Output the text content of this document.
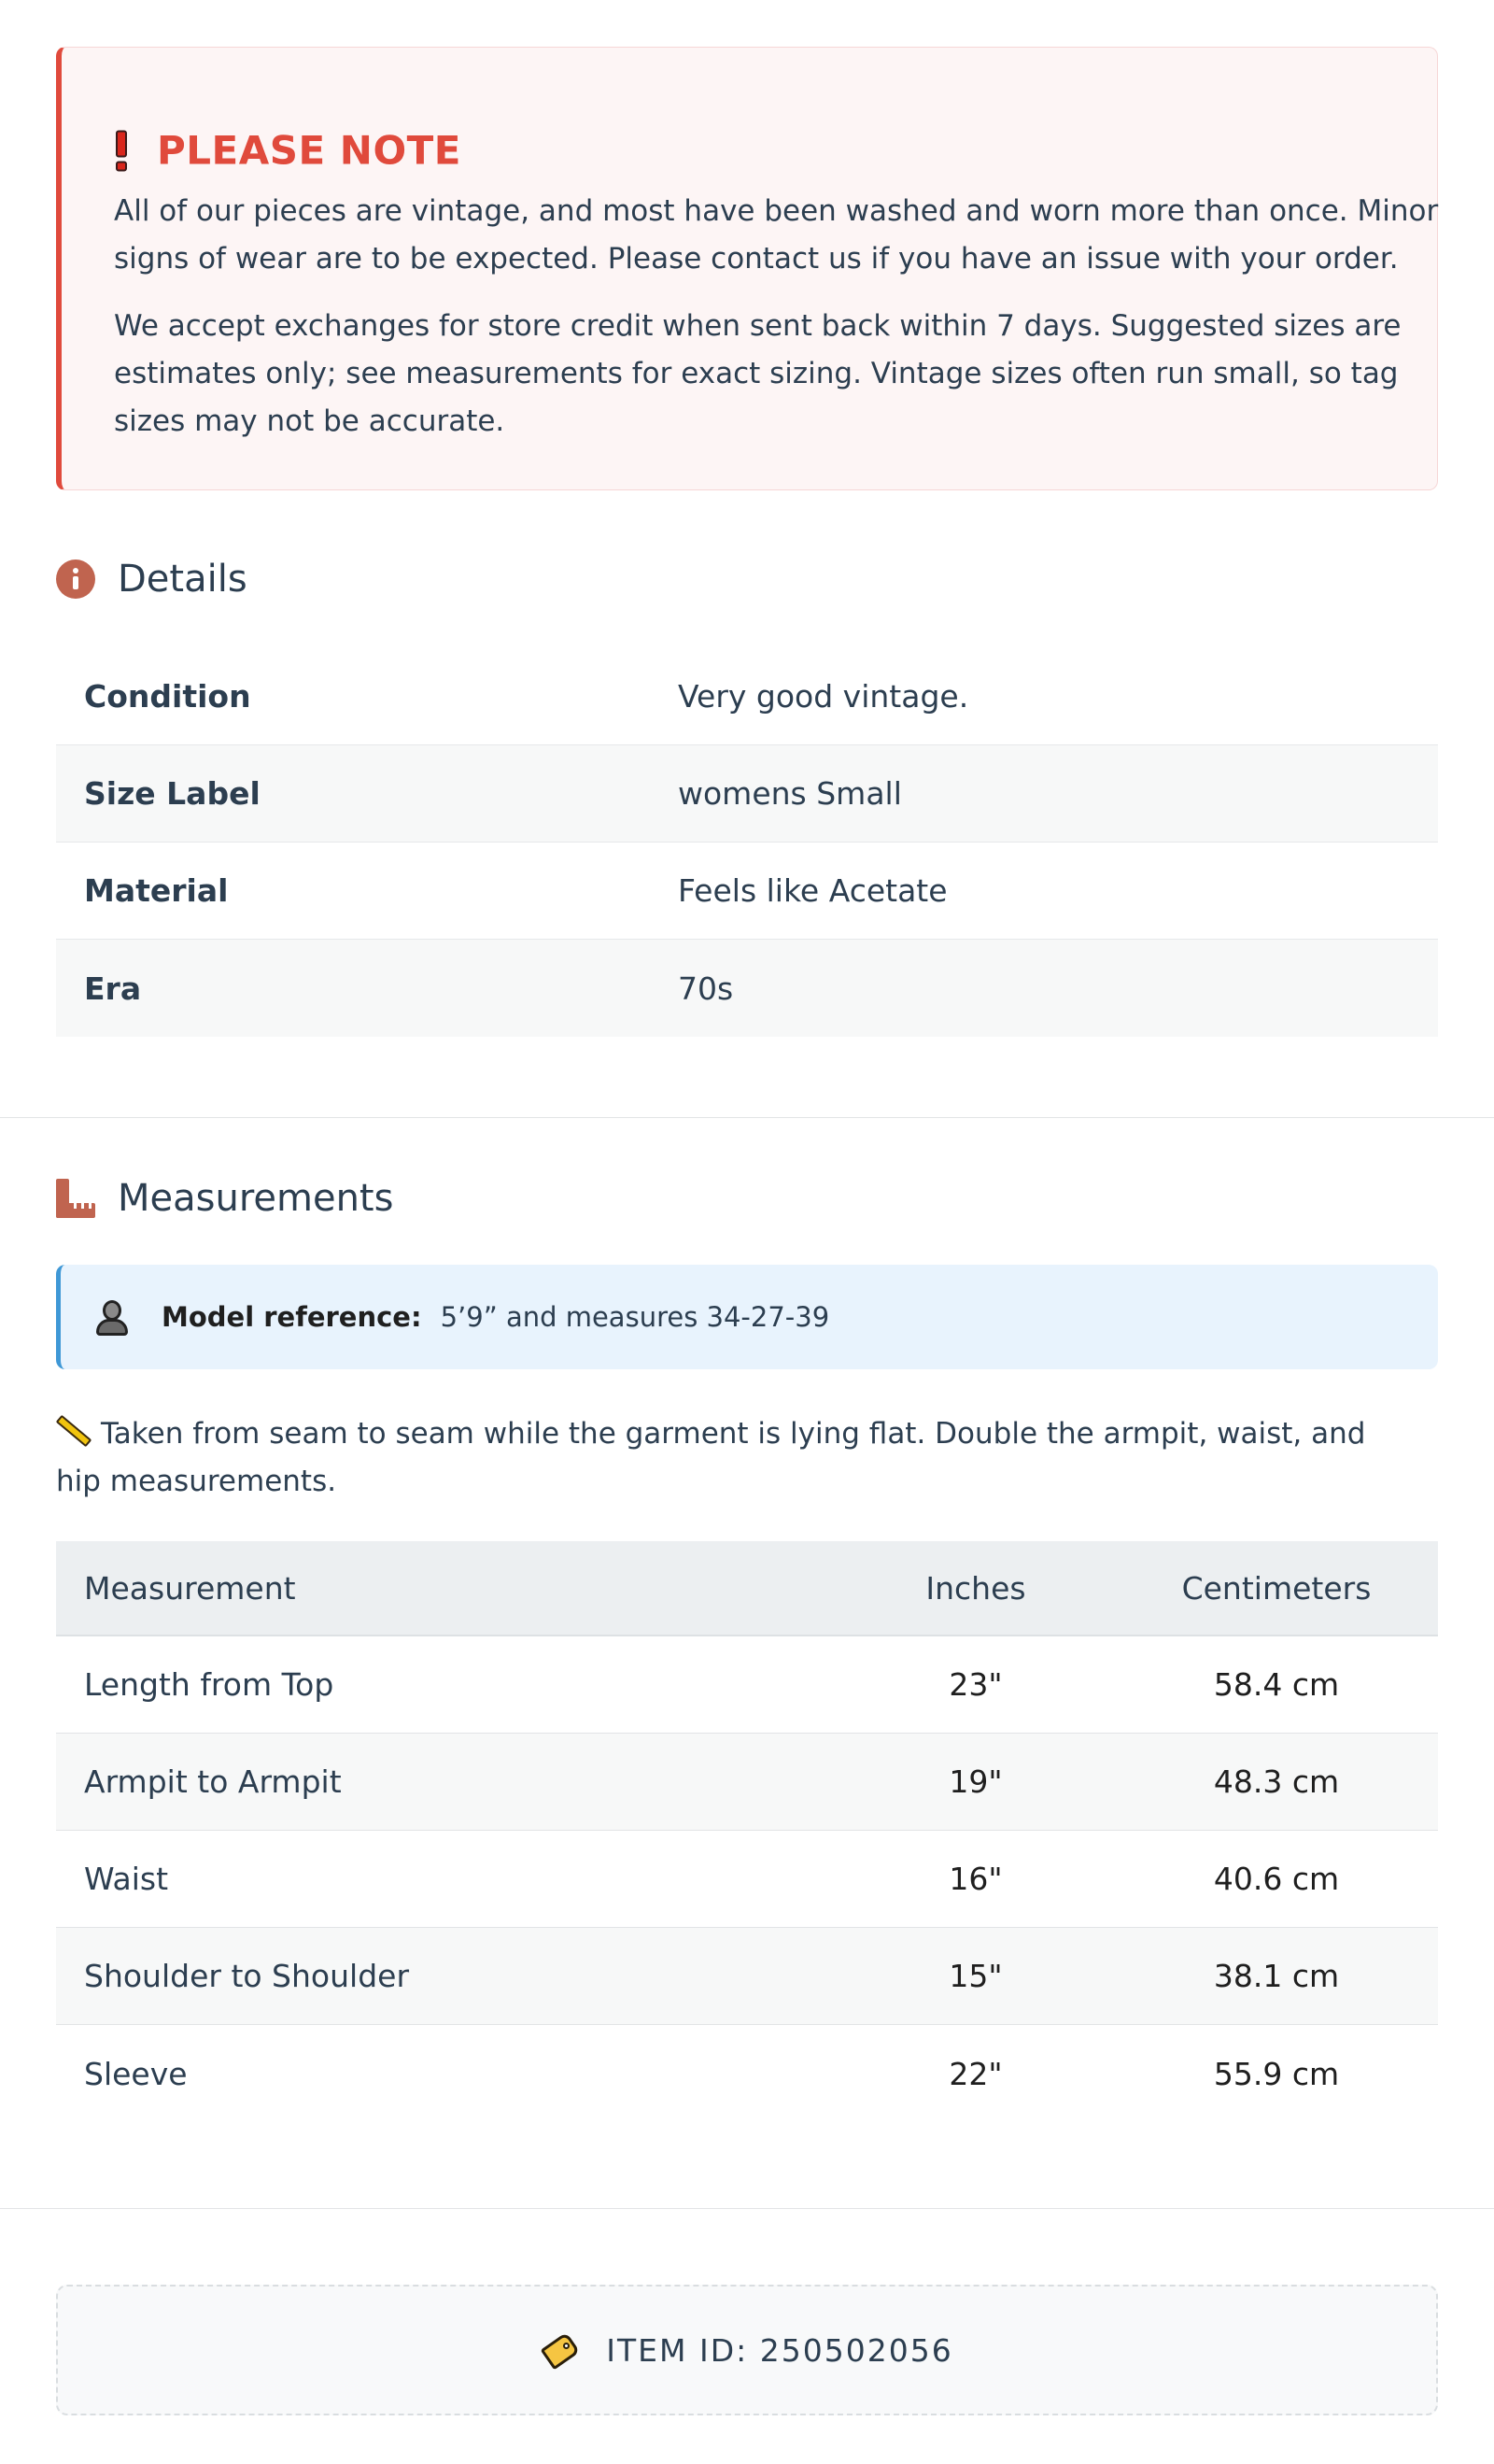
PLEASE NOTE

All of our pieces are vintage, and most have been washed and worn more than once. Minor signs of wear are to be expected. Please contact us if you have an issue with your order.

We accept exchanges for store credit when sent back within 7 days. Suggested sizes are estimates only; see measurements for exact sizing. Vintage sizes often run small, so tag sizes may not be accurate.

Details
Condition	Very good vintage.
Size Label	womens Small
Material	Feels like Acetate
Era	70s
Measurements
Model reference: 5’9” and measures 34-27-39
Taken from seam to seam while the garment is lying flat. Double the armpit, waist, and hip measurements.
Measurement	Inches	Centimeters
Length from Top	23"	58.4 cm
Armpit to Armpit	19"	48.3 cm
Waist	16"	40.6 cm
Shoulder to Shoulder	15"	38.1 cm
Sleeve	22"	55.9 cm
ITEM ID: 250502056
